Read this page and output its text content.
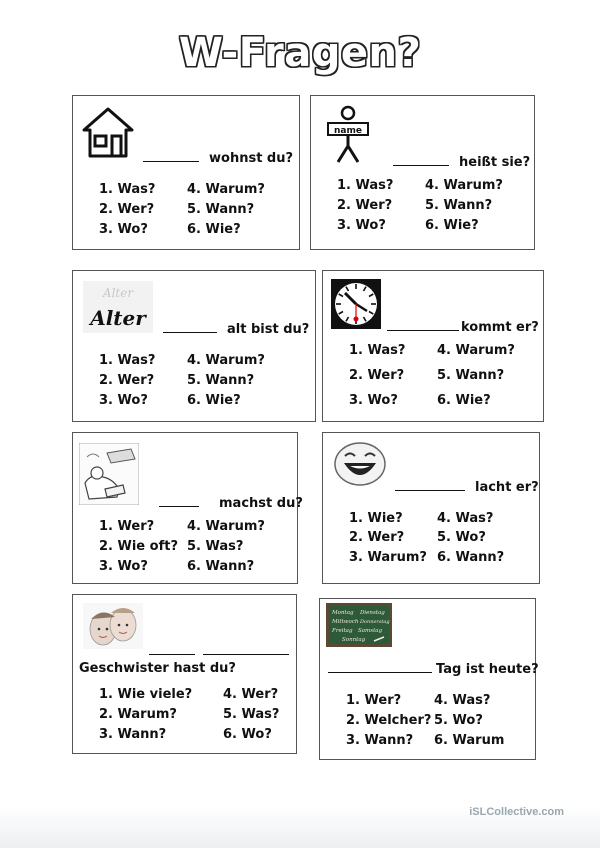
W-Fragen?
wohnst du?
1. Was? 4. Warum?
2. Wer?	5. Wann?
3. Wo?	6. Wie?
name
heißt sie?
1. Was? 4. Warum?
2. Wer?	5. Wann?
3. Wo?	6. Wie?
Alter
Alter	alt bist du?
1. Was? 4. Warum?
2. Wer?	5. Wann?
3. Wo?	6. Wie?
kommt er?
1. Was? 4. Warum?
2. Wer?	5. Wann?
3. Wo?	6. Wie?
machst du?
1. Wer?	4. Warum?
2. Wie oft? 5. Was?
3. Wo?	6. Wann?
lacht er?
1. Wie?	4. Was?
2. Wer?	5. Wo?
3. Warum? 6. Wann?
Geschwister hast du?
1. Wie viele? 4. Wer?
2. Warum?	5. Was?
3. Wann?	6. Wo?
Montag Dienstag
Mittwoch Donnerstag
Freitag Samstag
Sonntag
Tag ist heute?
1. Wer?	4. Was?
2. Welcher? 5. Wo?
3. Wann? 6. Warum
iSLCollective.com
